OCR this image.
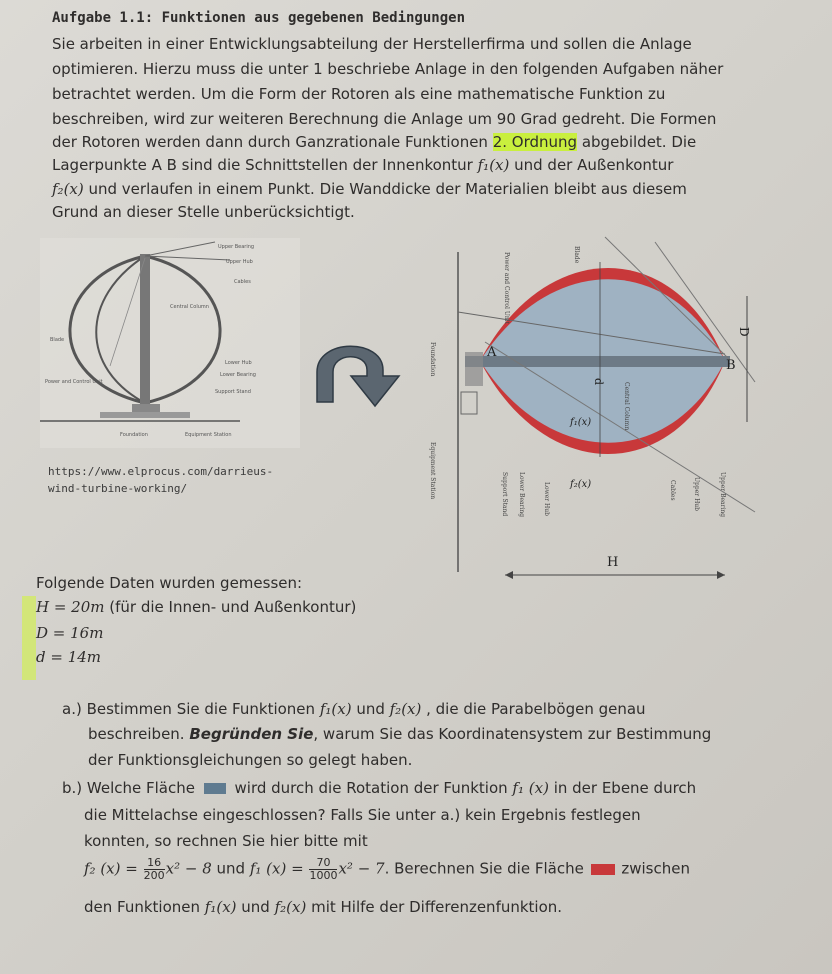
Aufgabe 1.1: Funktionen aus gegebenen Bedingungen
Sie arbeiten in einer Entwicklungsabteilung der Herstellerfirma und sollen die Anlage
optimieren. Hierzu muss die unter 1 beschriebe Anlage in den folgenden Aufgaben näher
betrachtet werden. Um die Form der Rotoren als eine mathematische Funktion zu
beschreiben, wird zur weiteren Berechnung die Anlage um 90 Grad gedreht. Die Formen
der Rotoren werden dann durch Ganzrationale Funktionen 2. Ordnung abgebildet. Die
Lagerpunkte A B sind die Schnittstellen der Innenkontur f₁(x) und der Außenkontur
f₂(x) und verlaufen in einem Punkt. Die Wanddicke der Materialien bleibt aus diesem
Grund an dieser Stelle unberücksichtigt.
Upper Bearing
Upper Hub
Cables
Central Column
Blade
Power and Control Unit
Lower Hub
Lower Bearing
Support Stand
Foundation	Equipment Station
https://www.elprocus.com/darrieus-
wind-turbine-working/
A
B
D
d
f₁(x)
f₂(x)
H
Blade
Power and Control Unit
Foundation
Equipment Station	Support Stand Lower Bearing	Lower Hub
Central Column
Cables	Upper Hub	Upper Bearing
Folgende Daten wurden gemessen:
H = 20m (für die Innen- und Außenkontur)
D = 16m
d = 14m
a.) Bestimmen Sie die Funktionen f₁(x) und f₂(x) , die die Parabelbögen genau
beschreiben. Begründen Sie, warum Sie das Koordinatensystem zur Bestimmung
der Funktionsgleichungen so gelegt haben.
b.) Welche Fläche  wird durch die Rotation der Funktion f₁ (x) in der Ebene durch
die Mittelachse eingeschlossen? Falls Sie unter a.) kein Ergebnis festlegen
konnten, so rechnen Sie hier bitte mit
f₂ $(x) = \frac{16}{200} x^2 - 8$ und f₁ $(x) = \frac{70}{1000} x^2 - 7$. Berechnen Sie die Fläche  zwischen
den Funktionen f₁(x) und f₂(x) mit Hilfe der Differenzenfunktion.
